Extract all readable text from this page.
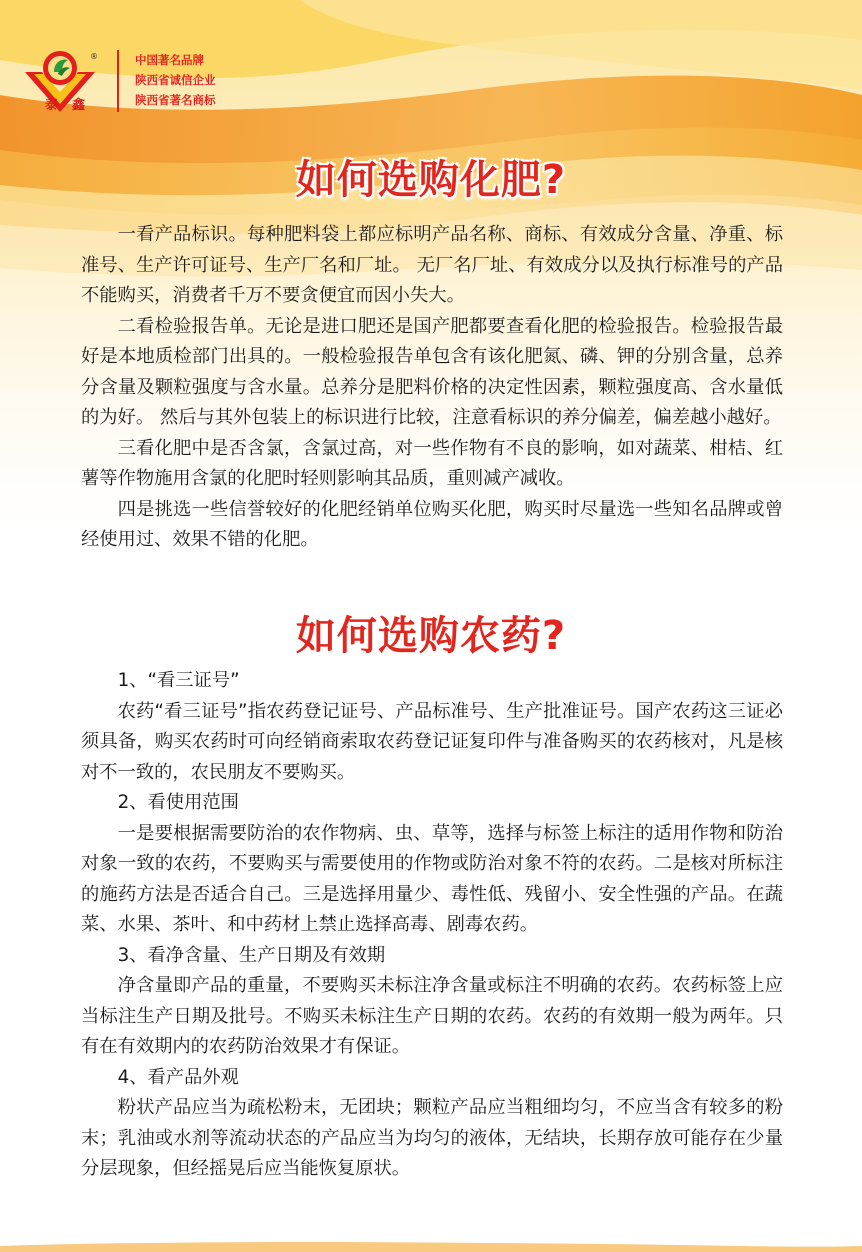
泰鑫
®	中国著名品牌
陕西省诚信企业
陕西省著名商标
如何选购化肥?

一看产品标识。每种肥料袋上都应标明产品名称、商标、有效成分含量、净重、标准号、生产许可证号、生产厂名和厂址。 无厂名厂址、有效成分以及执行标准号的产品不能购买，消费者千万不要贪便宜而因小失大。

二看检验报告单。无论是进口肥还是国产肥都要查看化肥的检验报告。检验报告最好是本地质检部门出具的。一般检验报告单包含有该化肥氮、磷、钾的分别含量，总养分含量及颗粒强度与含水量。总养分是肥料价格的决定性因素，颗粒强度高、含水量低的为好。 然后与其外包装上的标识进行比较，注意看标识的养分偏差，偏差越小越好。

三看化肥中是否含氯，含氯过高，对一些作物有不良的影响，如对蔬菜、柑桔、红薯等作物施用含氯的化肥时轻则影响其品质，重则减产减收。

四是挑选一些信誉较好的化肥经销单位购买化肥，购买时尽量选一些知名品牌或曾经使用过、效果不错的化肥。

如何选购农药?

1、“看三证号”

农药“看三证号”指农药登记证号、产品标准号、生产批准证号。国产农药这三证必须具备，购买农药时可向经销商索取农药登记证复印件与准备购买的农药核对，凡是核对不一致的，农民朋友不要购买。

2、看使用范围

一是要根据需要防治的农作物病、虫、草等，选择与标签上标注的适用作物和防治对象一致的农药，不要购买与需要使用的作物或防治对象不符的农药。二是核对所标注的施药方法是否适合自己。三是选择用量少、毒性低、残留小、安全性强的产品。在蔬菜、水果、茶叶、和中药材上禁止选择高毒、剧毒农药。

3、看净含量、生产日期及有效期

净含量即产品的重量，不要购买未标注净含量或标注不明确的农药。农药标签上应当标注生产日期及批号。不购买未标注生产日期的农药。农药的有效期一般为两年。只有在有效期内的农药防治效果才有保证。

4、看产品外观

粉状产品应当为疏松粉末，无团块；颗粒产品应当粗细均匀，不应当含有较多的粉末；乳油或水剂等流动状态的产品应当为均匀的液体，无结块，长期存放可能存在少量分层现象，但经摇晃后应当能恢复原状。
